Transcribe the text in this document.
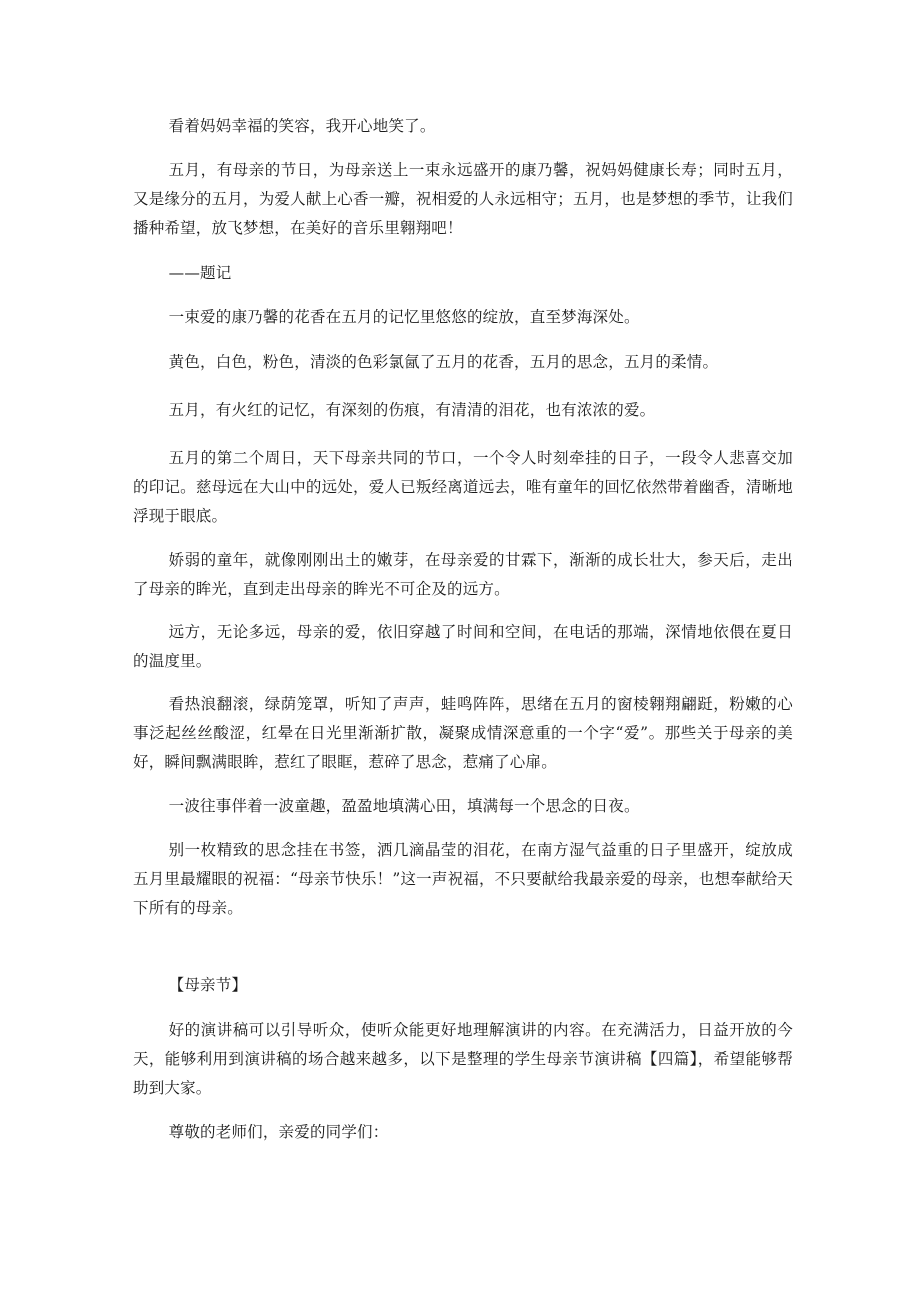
看着妈妈幸福的笑容，我开心地笑了。

五月，有母亲的节日，为母亲送上一束永远盛开的康乃馨，祝妈妈健康长寿；同时五月，又是缘分的五月，为爱人献上心香一瓣，祝相爱的人永远相守；五月，也是梦想的季节，让我们播种希望，放飞梦想，在美好的音乐里翱翔吧！

——题记

一束爱的康乃馨的花香在五月的记忆里悠悠的绽放，直至梦海深处。

黄色，白色，粉色，清淡的色彩氯氤了五月的花香，五月的思念，五月的柔情。

五月，有火红的记忆，有深刻的伤痕，有清清的泪花，也有浓浓的爱。

五月的第二个周日，天下母亲共同的节口，一个令人时刻牵挂的日子，一段令人悲喜交加的印记。慈母远在大山中的远处，爱人已叛经离道远去，唯有童年的回忆依然带着幽香，清晰地浮现于眼底。

娇弱的童年，就像刚刚出土的嫩芽，在母亲爱的甘霖下，渐渐的成长壮大，参天后，走出了母亲的眸光，直到走出母亲的眸光不可企及的远方。

远方，无论多远，母亲的爱，依旧穿越了时间和空间，在电话的那端，深情地依偎在夏日的温度里。

看热浪翻滚，绿荫笼罩，听知了声声，蛙鸣阵阵，思绪在五月的窗棱翱翔翩跹，粉嫩的心事泛起丝丝酸涩，红晕在日光里渐渐扩散，凝聚成情深意重的一个字“爱”。那些关于母亲的美好，瞬间飘满眼眸，惹红了眼眶，惹碎了思念，惹痛了心扉。

一波往事伴着一波童趣，盈盈地填满心田，填满每一个思念的日夜。

别一枚精致的思念挂在书签，洒几滴晶莹的泪花，在南方湿气益重的日子里盛开，绽放成五月里最耀眼的祝福：“母亲节快乐！”这一声祝福，不只要献给我最亲爱的母亲，也想奉献给天下所有的母亲。

【母亲节】

好的演讲稿可以引导听众，使听众能更好地理解演讲的内容。在充满活力，日益开放的今天，能够利用到演讲稿的场合越来越多，以下是整理的学生母亲节演讲稿【四篇】，希望能够帮助到大家。

尊敬的老师们，亲爱的同学们：
